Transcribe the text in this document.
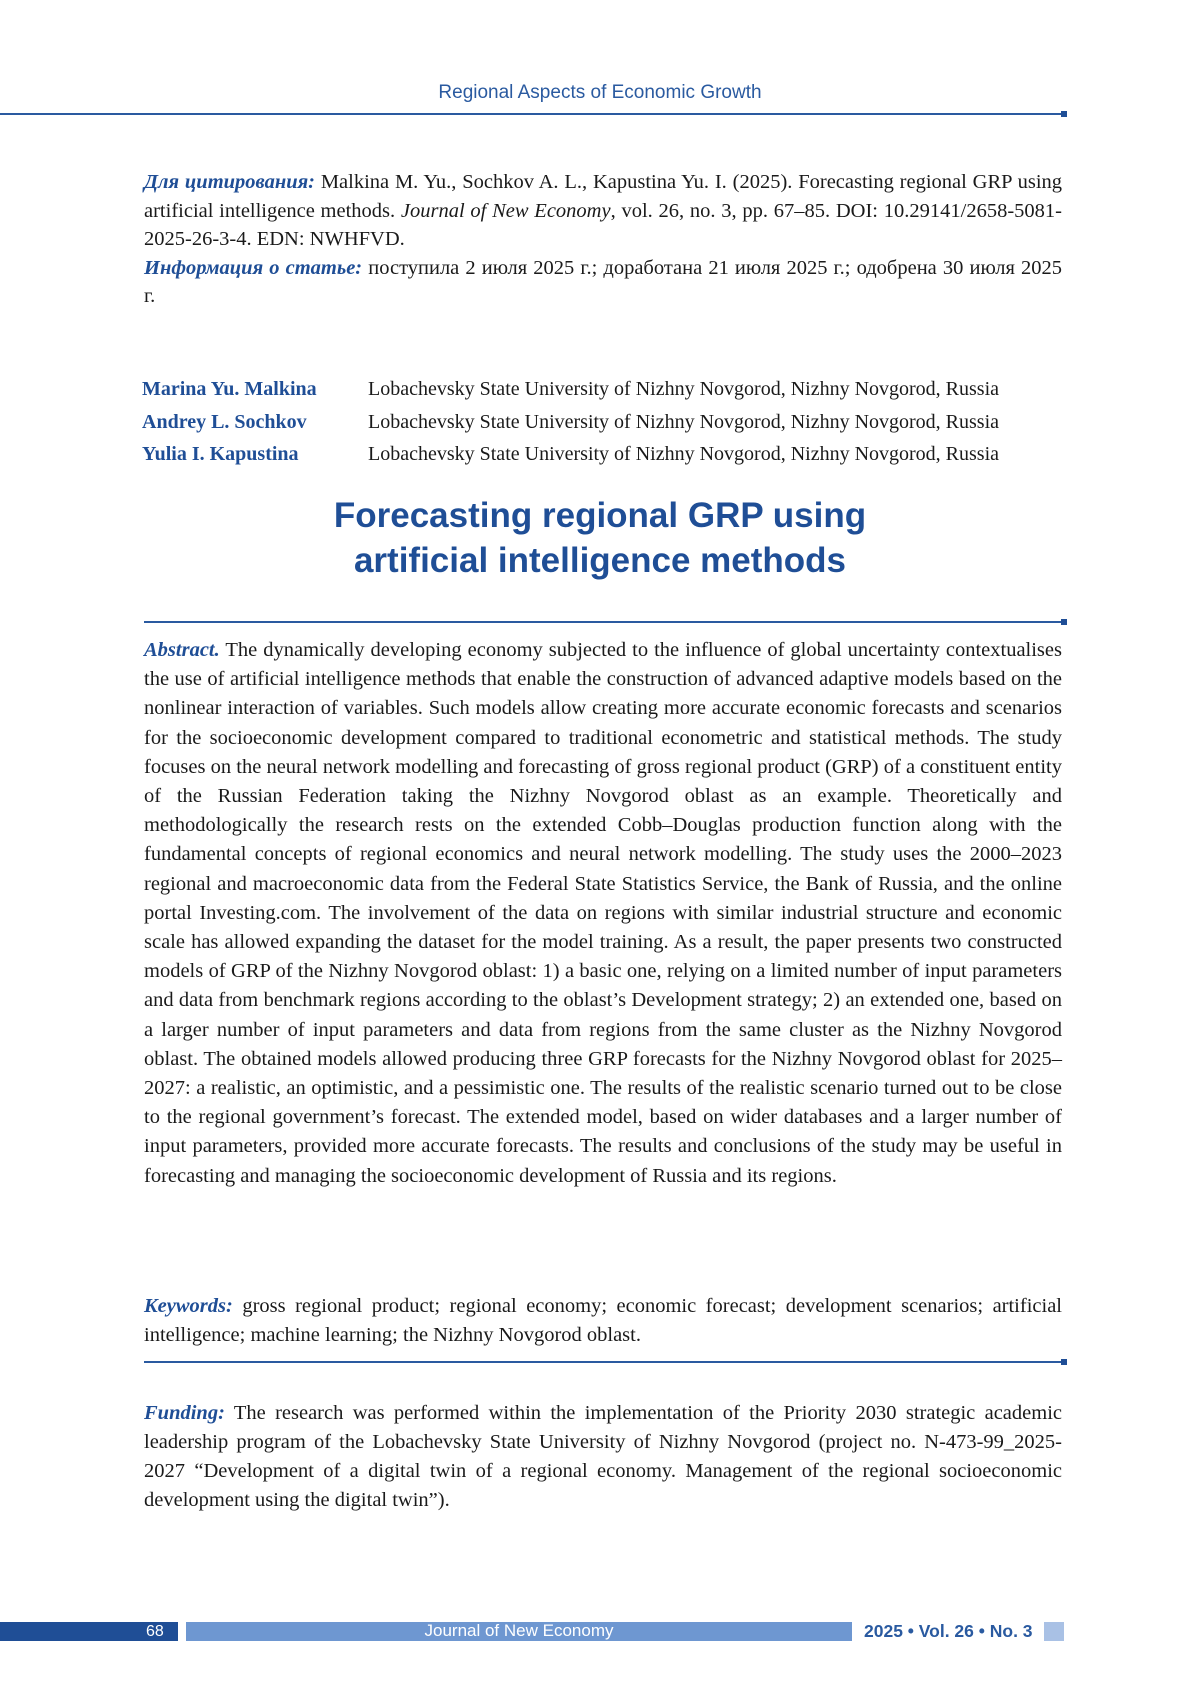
Regional Aspects of Economic Growth
Для цитирования: Malkina M. Yu., Sochkov A. L., Kapustina Yu. I. (2025). Forecasting regional GRP using artificial intelligence methods. Journal of New Economy, vol. 26, no. 3, pp. 67–85. DOI: 10.29141/2658-5081-2025-26-3-4. EDN: NWHFVD.
Информация о статье: поступила 2 июля 2025 г.; доработана 21 июля 2025 г.; одобрена 30 июля 2025 г.
Marina Yu. Malkina	Lobachevsky State University of Nizhny Novgorod, Nizhny Novgorod, Russia
Andrey L. Sochkov	Lobachevsky State University of Nizhny Novgorod, Nizhny Novgorod, Russia
Yulia I. Kapustina	Lobachevsky State University of Nizhny Novgorod, Nizhny Novgorod, Russia
Forecasting regional GRP using
artificial intelligence methods
Abstract. The dynamically developing economy subjected to the influence of global uncertainty contextualises the use of artificial intelligence methods that enable the construction of advanced adaptive models based on the nonlinear interaction of variables. Such models allow creating more accurate economic forecasts and scenarios for the socioeconomic development compared to traditional econometric and statistical methods. The study focuses on the neural network modelling and forecasting of gross regional product (GRP) of a constituent entity of the Russian Federation taking the Nizhny Novgorod oblast as an example. Theoretically and methodologically the research rests on the extended Cobb–Douglas production function along with the fundamental concepts of regional economics and neural network modelling. The study uses the 2000–2023 regional and macroeconomic data from the Federal State Statistics Service, the Bank of Russia, and the online portal Investing.com. The involvement of the data on regions with similar industrial structure and economic scale has allowed expanding the dataset for the model training. As a result, the paper presents two constructed models of GRP of the Nizhny Novgorod oblast: 1) a basic one, relying on a limited number of input parameters and data from benchmark regions according to the oblast’s Development strategy; 2) an extended one, based on a larger number of input parameters and data from regions from the same cluster as the Nizhny Novgorod oblast. The obtained models allowed producing three GRP forecasts for the Nizhny Novgorod oblast for 2025–2027: a realistic, an optimistic, and a pessimistic one. The results of the realistic scenario turned out to be close to the regional government’s forecast. The extended model, based on wider databases and a larger number of input parameters, provided more accurate forecasts. The results and conclusions of the study may be useful in forecasting and managing the socioeconomic development of Russia and its regions.
Keywords: gross regional product; regional economy; economic forecast; development scenarios; artificial intelligence; machine learning; the Nizhny Novgorod oblast.
Funding: The research was performed within the implementation of the Priority 2030 strategic academic leadership program of the Lobachevsky State University of Nizhny Novgorod (project no. N-473-99_2025-2027 “Development of a digital twin of a regional economy. Management of the regional socioeconomic development using the digital twin”).
68	Journal of New Economy	2025 • Vol. 26 • No. 3
